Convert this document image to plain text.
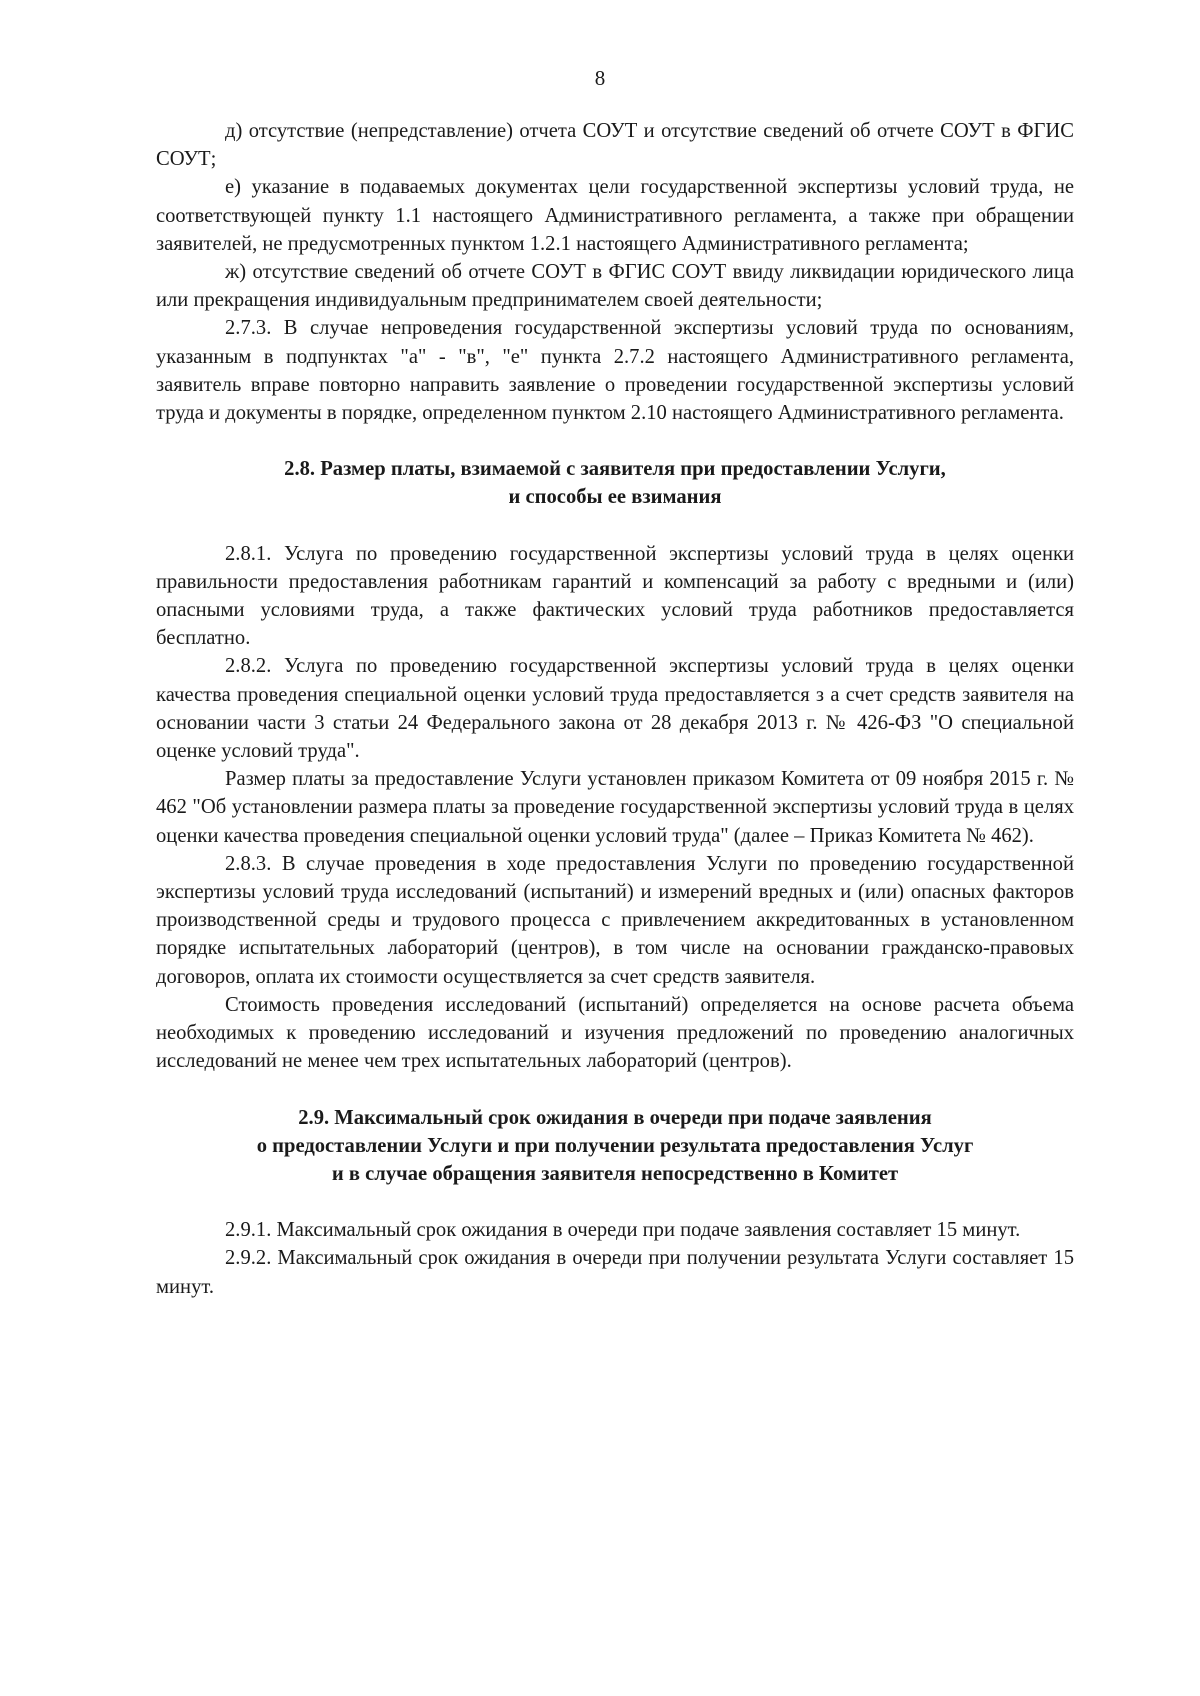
8

д) отсутствие (непредставление) отчета СОУТ и отсутствие сведений об отчете СОУТ в ФГИС СОУТ;

е) указание в подаваемых документах цели государственной экспертизы условий труда, не соответствующей пункту 1.1 настоящего Административного регламента, а также при обращении заявителей, не предусмотренных пунктом 1.2.1 настоящего Административного регламента;

ж) отсутствие сведений об отчете СОУТ в ФГИС СОУТ ввиду ликвидации юридического лица или прекращения индивидуальным предпринимателем своей деятельности;

2.7.3. В случае непроведения государственной экспертизы условий труда по основаниям, указанным в подпунктах "а" - "в", "е" пункта 2.7.2 настоящего Административного регламента, заявитель вправе повторно направить заявление о проведении государственной экспертизы условий труда и документы в порядке, определенном пунктом 2.10 настоящего Административного регламента.

2.8. Размер платы, взимаемой с заявителя при предоставлении Услуги,
и способы ее взимания

2.8.1. Услуга по проведению государственной экспертизы условий труда в целях оценки правильности предоставления работникам гарантий и компенсаций за работу с вредными и (или) опасными условиями труда, а также фактических условий труда работников предоставляется бесплатно.

2.8.2. Услуга по проведению государственной экспертизы условий труда в целях оценки качества проведения специальной оценки условий труда предоставляется з а счет средств заявителя на основании части 3 статьи 24 Федерального закона от 28 декабря 2013 г. № 426-ФЗ "О специальной оценке условий труда".

Размер платы за предоставление Услуги установлен приказом Комитета от 09 ноября 2015 г. № 462 "Об установлении размера платы за проведение государственной экспертизы условий труда в целях оценки качества проведения специальной оценки условий труда" (далее – Приказ Комитета № 462).

2.8.3. В случае проведения в ходе предоставления Услуги по проведению государственной экспертизы условий труда исследований (испытаний) и измерений вредных и (или) опасных факторов производственной среды и трудового процесса с привлечением аккредитованных в установленном порядке испытательных лабораторий (центров), в том числе на основании гражданско-правовых договоров, оплата их стоимости осуществляется за счет средств заявителя.

Стоимость проведения исследований (испытаний) определяется на основе расчета объема необходимых к проведению исследований и изучения предложений по проведению аналогичных исследований не менее чем трех испытательных лабораторий (центров).

2.9. Максимальный срок ожидания в очереди при подаче заявления
о предоставлении Услуги и при получении результата предоставления Услуг
и в случае обращения заявителя непосредственно в Комитет

2.9.1. Максимальный срок ожидания в очереди при подаче заявления составляет 15 минут.

2.9.2. Максимальный срок ожидания в очереди при получении результата Услуги составляет 15 минут.
